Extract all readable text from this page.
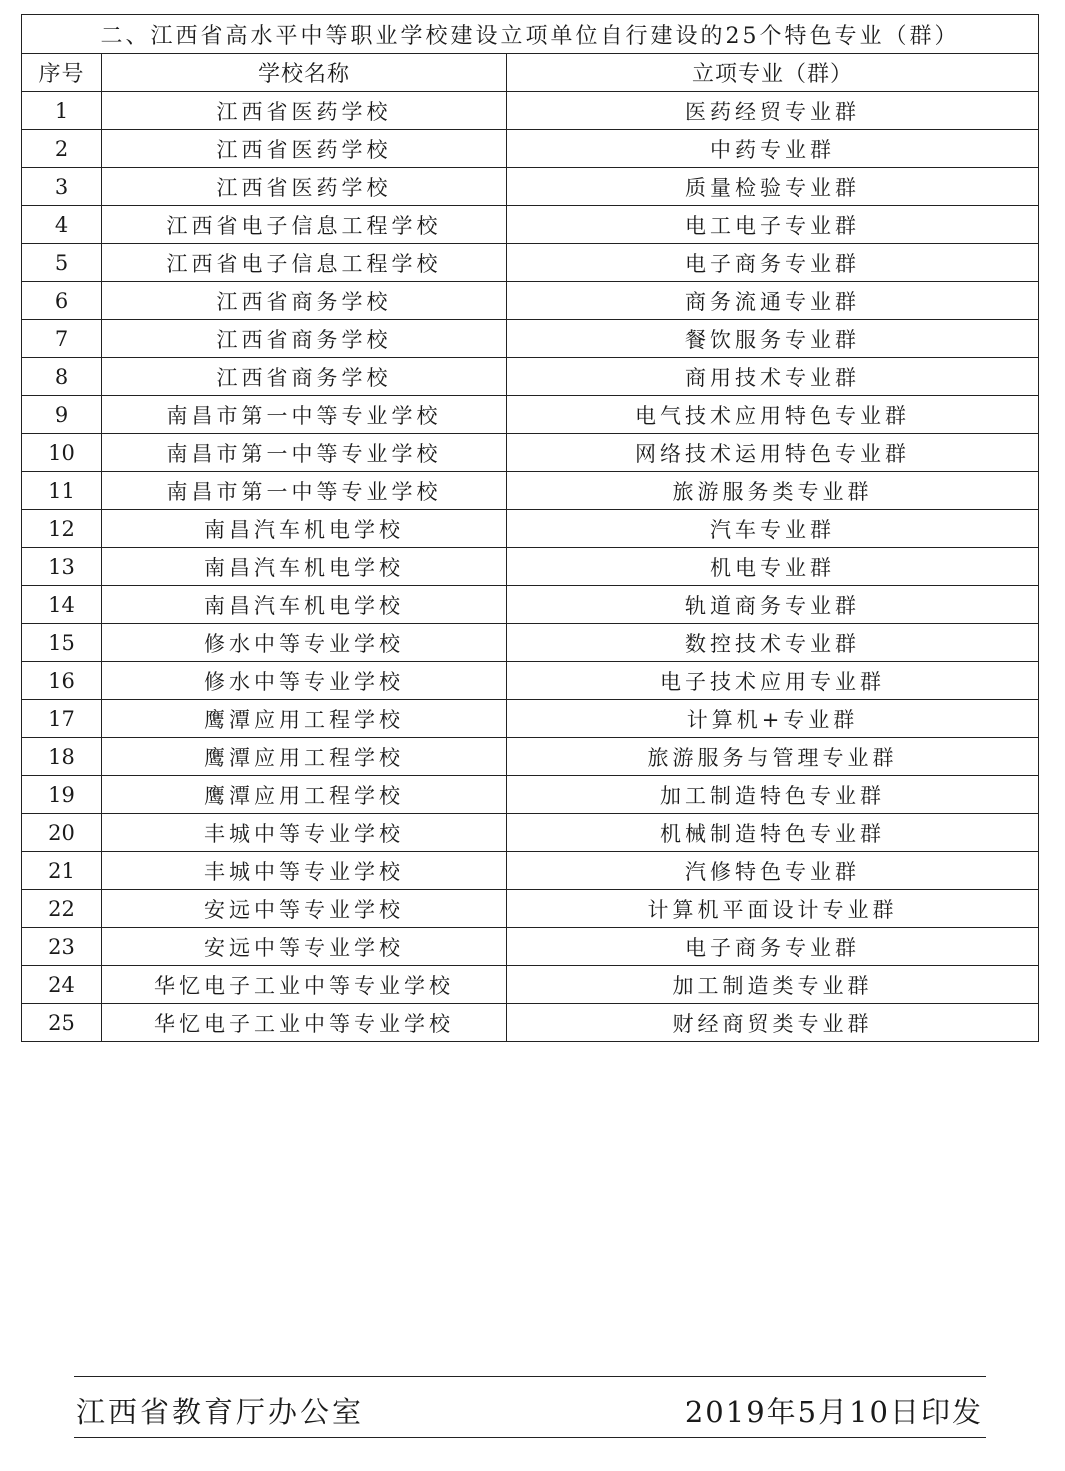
二、江西省高水平中等职业学校建设立项单位自行建设的25个特色专业（群）		
序号	学校名称	立项专业（群）
1	江西省医药学校	医药经贸专业群
2	江西省医药学校	中药专业群
3	江西省医药学校	质量检验专业群
4	江西省电子信息工程学校	电工电子专业群
5	江西省电子信息工程学校	电子商务专业群
6	江西省商务学校	商务流通专业群
7	江西省商务学校	餐饮服务专业群
8	江西省商务学校	商用技术专业群
9	南昌市第一中等专业学校	电气技术应用特色专业群
10	南昌市第一中等专业学校	网络技术运用特色专业群
11	南昌市第一中等专业学校	旅游服务类专业群
12	南昌汽车机电学校	汽车专业群
13	南昌汽车机电学校	机电专业群
14	南昌汽车机电学校	轨道商务专业群
15	修水中等专业学校	数控技术专业群
16	修水中等专业学校	电子技术应用专业群
17	鹰潭应用工程学校	计算机+专业群
18	鹰潭应用工程学校	旅游服务与管理专业群
19	鹰潭应用工程学校	加工制造特色专业群
20	丰城中等专业学校	机械制造特色专业群
21	丰城中等专业学校	汽修特色专业群
22	安远中等专业学校	计算机平面设计专业群
23	安远中等专业学校	电子商务专业群
24	华忆电子工业中等专业学校	加工制造类专业群
25	华忆电子工业中等专业学校	财经商贸类专业群
江西省教育厅办公室	2019年5月10日印发
